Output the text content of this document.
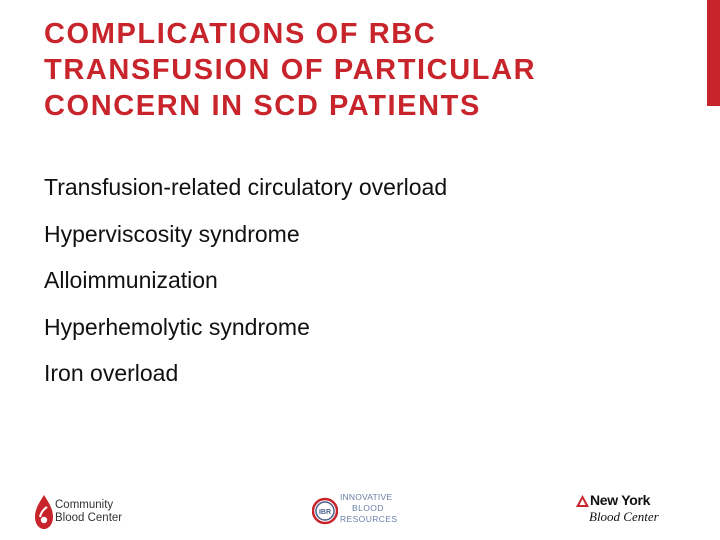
COMPLICATIONS OF RBC
TRANSFUSION OF PARTICULAR
CONCERN IN SCD PATIENTS
Transfusion-related circulatory overload
Hyperviscosity syndrome
Alloimmunization
Hyperhemolytic syndrome
Iron overload
Community
Blood Center	IBR
INNOVATIVE
BLOOD
RESOURCES
New York
Blood Center
